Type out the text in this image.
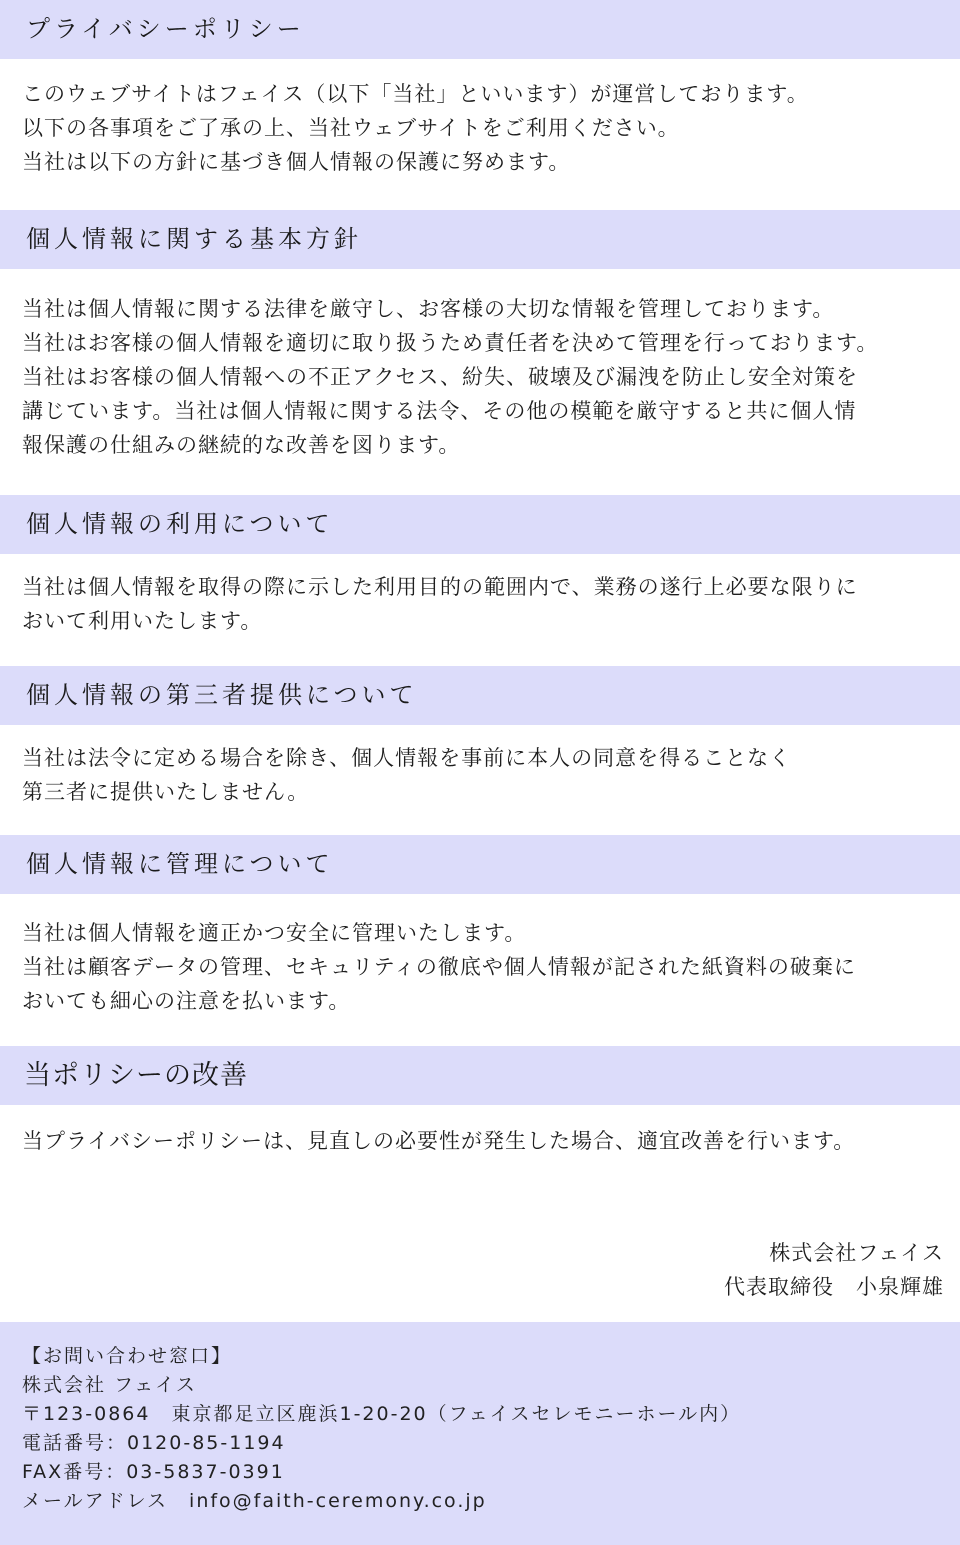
プライバシーポリシー
このウェブサイトはフェイス（以下「当社」といいます）が運営しております。
以下の各事項をご了承の上、当社ウェブサイトをご利用ください。
当社は以下の方針に基づき個人情報の保護に努めます。
個人情報に関する基本方針
当社は個人情報に関する法律を厳守し、お客様の大切な情報を管理しております。
当社はお客様の個人情報を適切に取り扱うため責任者を決めて管理を行っております。
当社はお客様の個人情報への不正アクセス、紛失、破壊及び漏洩を防止し安全対策を
講じています。当社は個人情報に関する法令、その他の模範を厳守すると共に個人情
報保護の仕組みの継続的な改善を図ります。
個人情報の利用について
当社は個人情報を取得の際に示した利用目的の範囲内で、業務の遂行上必要な限りに
おいて利用いたします。
個人情報の第三者提供について
当社は法令に定める場合を除き、個人情報を事前に本人の同意を得ることなく
第三者に提供いたしません。
個人情報に管理について
当社は個人情報を適正かつ安全に管理いたします。
当社は顧客データの管理、セキュリティの徹底や個人情報が記された紙資料の破棄に
おいても細心の注意を払います。
当ポリシーの改善
当プライバシーポリシーは、見直しの必要性が発生した場合、適宜改善を行います。
株式会社フェイス
代表取締役　小泉輝雄
【お問い合わせ窓口】
株式会社 フェイス
〒123-0864　東京都足立区鹿浜1-20-20（フェイスセレモニーホール内）
電話番号：0120-85-1194
FAX番号：03-5837-0391
メールアドレス　info@faith-ceremony.co.jp
